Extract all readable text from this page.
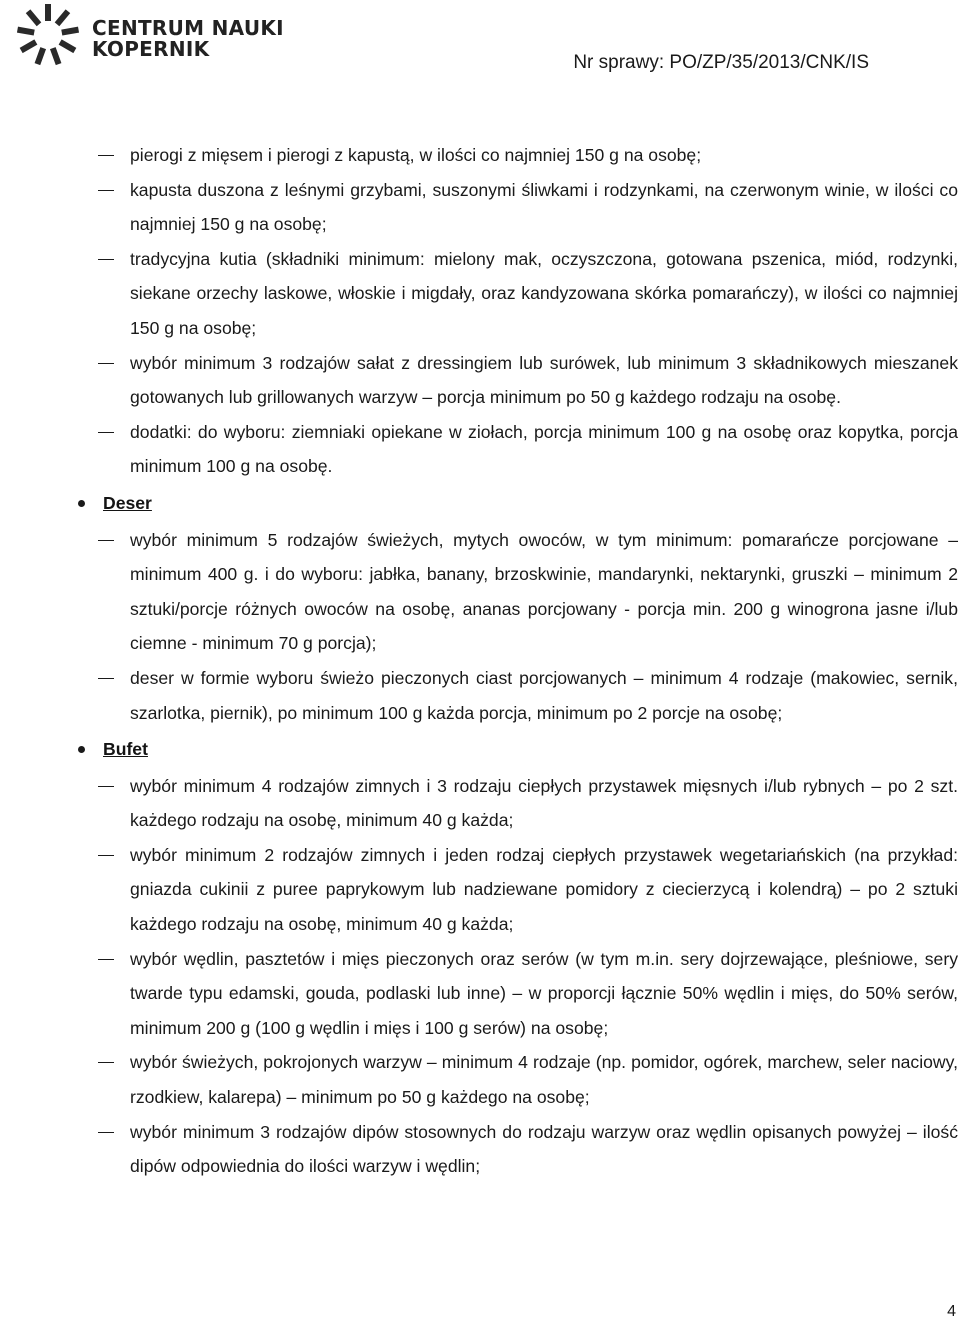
CENTRUM NAUKI
KOPERNIK
Nr sprawy: PO/ZP/35/2013/CNK/IS
pierogi z mięsem i pierogi z kapustą, w ilości co najmniej 150 g na osobę;
kapusta duszona z leśnymi grzybami, suszonymi śliwkami i rodzynkami, na czerwonym winie, w ilości co najmniej 150 g na osobę;
tradycyjna kutia (składniki minimum: mielony mak, oczyszczona, gotowana pszenica, miód, rodzynki, siekane orzechy laskowe, włoskie i migdały, oraz kandyzowana skórka pomarańczy), w ilości co najmniej 150 g na osobę;
wybór minimum 3 rodzajów sałat z dressingiem lub surówek, lub minimum 3 składnikowych mieszanek gotowanych lub grillowanych warzyw – porcja minimum po 50 g każdego rodzaju na osobę.
dodatki: do wyboru: ziemniaki opiekane w ziołach, porcja minimum 100 g na osobę oraz kopytka, porcja minimum 100 g na osobę.
Deser
wybór minimum 5 rodzajów świeżych, mytych owoców, w tym minimum: pomarańcze porcjowane – minimum 400 g. i do wyboru: jabłka, banany, brzoskwinie, mandarynki, nektarynki, gruszki – minimum 2 sztuki/porcje różnych owoców na osobę, ananas porcjowany - porcja min. 200 g winogrona jasne i/lub ciemne - minimum 70 g porcja);
deser w formie wyboru świeżo pieczonych ciast porcjowanych – minimum 4 rodzaje (makowiec, sernik, szarlotka, piernik), po minimum 100 g każda porcja, minimum po 2 porcje na osobę;
Bufet
wybór minimum 4 rodzajów zimnych i 3 rodzaju ciepłych przystawek mięsnych i/lub rybnych – po 2 szt. każdego rodzaju na osobę, minimum 40 g każda;
wybór minimum 2 rodzajów zimnych i jeden rodzaj ciepłych przystawek wegetariańskich (na przykład: gniazda cukinii z puree paprykowym lub nadziewane pomidory z ciecierzycą i kolendrą) – po 2 sztuki każdego rodzaju na osobę, minimum 40 g każda;
wybór wędlin, pasztetów i mięs pieczonych oraz serów (w tym m.in. sery dojrzewające, pleśniowe, sery twarde typu edamski, gouda, podlaski lub inne) – w proporcji łącznie 50% wędlin i mięs, do 50% serów, minimum 200 g (100 g wędlin i mięs i 100 g serów) na osobę;
wybór świeżych, pokrojonych warzyw – minimum 4 rodzaje (np. pomidor, ogórek, marchew, seler naciowy, rzodkiew, kalarepa) – minimum po 50 g każdego na osobę;
wybór minimum 3 rodzajów dipów stosownych do rodzaju warzyw oraz wędlin opisanych powyżej – ilość dipów odpowiednia do ilości warzyw i wędlin;
4
